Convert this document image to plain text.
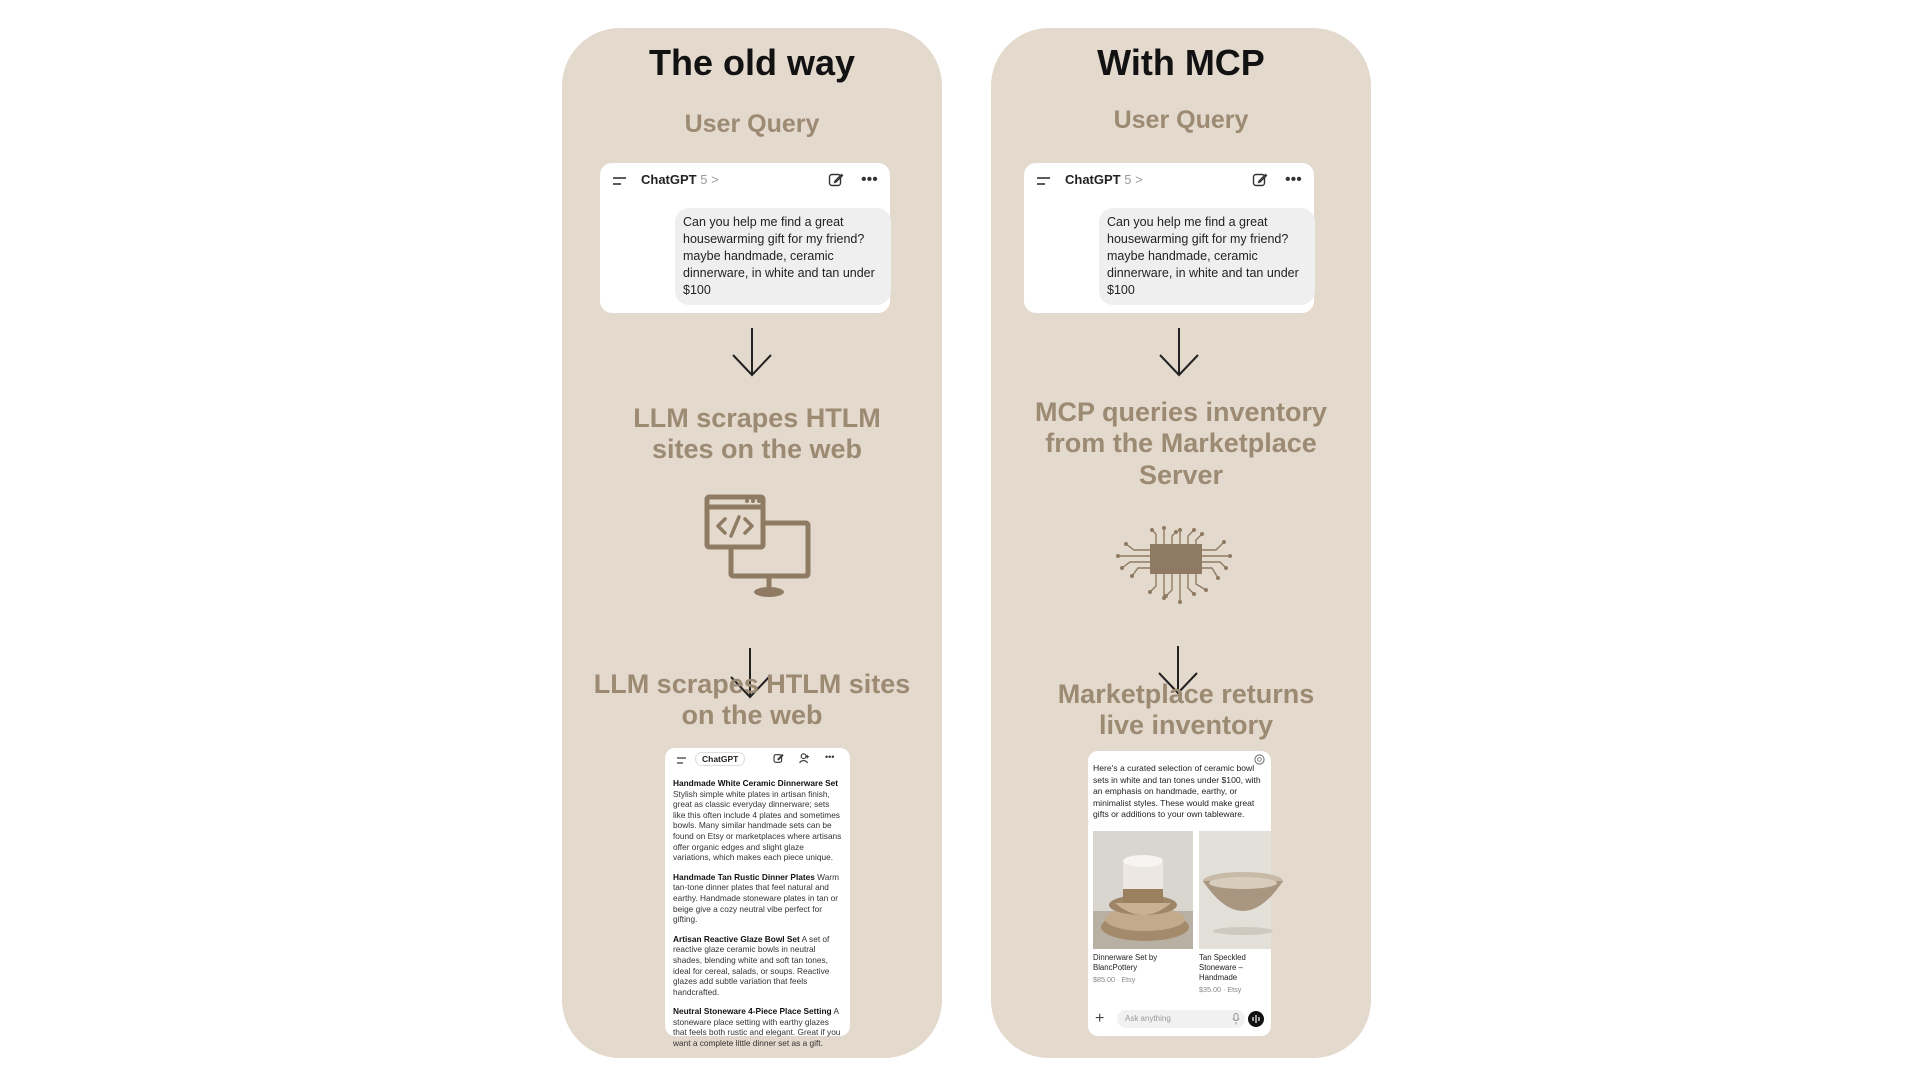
The old way
User Query
ChatGPT 5 >	•••
Can you help me find a great housewarming gift for my friend? maybe handmade, ceramic dinnerware, in white and tan under $100
LLM scrapes HTLM sites on the web
LLM scrapes HTLM sites on the web
ChatGPT	•••
Handmade White Ceramic Dinnerware Set Stylish simple white plates in artisan finish, great as classic everyday dinnerware; sets like this often include 4 plates and sometimes bowls. Many similar handmade sets can be found on Etsy or marketplaces where artisans offer organic edges and slight glaze variations, which makes each piece unique.
Handmade Tan Rustic Dinner Plates Warm tan-tone dinner plates that feel natural and earthy. Handmade stoneware plates in tan or beige give a cozy neutral vibe perfect for gifting.
Artisan Reactive Glaze Bowl Set A set of reactive glaze ceramic bowls in neutral shades, blending white and soft tan tones, ideal for cereal, salads, or soups. Reactive glazes add subtle variation that feels handcrafted.
Neutral Stoneware 4-Piece Place Setting A stoneware place setting with earthy glazes that feels both rustic and elegant. Great if you want a complete little dinner set as a gift.
With MCP
User Query
ChatGPT 5 >	•••
Can you help me find a great housewarming gift for my friend? maybe handmade, ceramic dinnerware, in white and tan under $100
MCP queries inventory from the Marketplace Server
Marketplace returns live inventory
Here's a curated selection of ceramic bowl sets in white and tan tones under $100, with an emphasis on handmade, earthy, or minimalist styles. These would make great gifts or additions to your own tableware.
Dinnerware Set by BlancPottery
$85.00 · Etsy
Tan Speckled Stoneware – Handmade
$35.00 · Etsy
+	Ask anything
